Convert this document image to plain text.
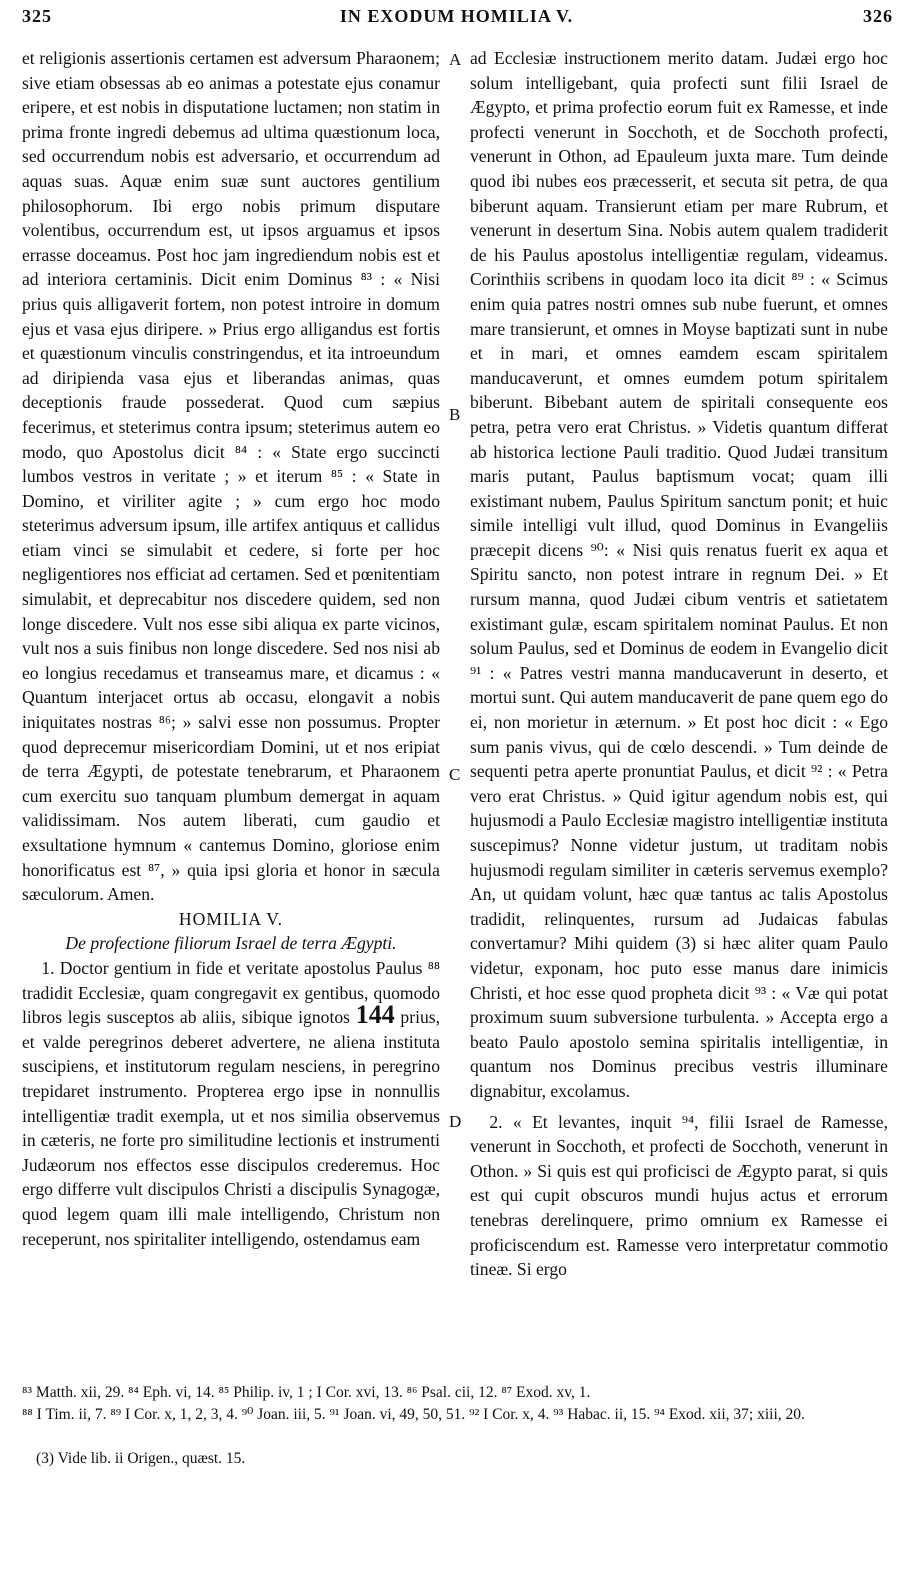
325	IN EXODUM HOMILIA V.	326

et religionis assertionis certamen est adversum Pharaonem; sive etiam obsessas ab eo animas a potestate ejus conamur eripere, et est nobis in disputatione luctamen; non statim in prima fronte ingredi debemus ad ultima quæstionum loca, sed occurrendum nobis est adversario, et occurrendum ad aquas suas. Aquæ enim suæ sunt auctores gentilium philosophorum. Ibi ergo nobis primum disputare volentibus, occurrendum est, ut ipsos arguamus et ipsos errasse doceamus. Post hoc jam ingrediendum nobis est et ad interiora certaminis. Dicit enim Dominus ⁸³ : « Nisi prius quis alligaverit fortem, non potest introire in domum ejus et vasa ejus diripere. » Prius ergo alligandus est fortis et quæstionum vinculis constringendus, et ita introeundum ad diripienda vasa ejus et liberandas animas, quas deceptionis fraude possederat. Quod cum sæpius fecerimus, et steterimus contra ipsum; steterimus autem eo modo, quo Apostolus dicit ⁸⁴ : « State ergo succincti lumbos vestros in veritate ; » et iterum ⁸⁵ : « State in Domino, et viriliter agite ; » cum ergo hoc modo steterimus adversum ipsum, ille artifex antiquus et callidus etiam vinci se simulabit et cedere, si forte per hoc negligentiores nos efficiat ad certamen. Sed et pœnitentiam simulabit, et deprecabitur nos discedere quidem, sed non longe discedere. Vult nos esse sibi aliqua ex parte vicinos, vult nos a suis finibus non longe discedere. Sed nos nisi ab eo longius recedamus et transeamus mare, et dicamus : « Quantum interjacet ortus ab occasu, elongavit a nobis iniquitates nostras ⁸⁶; » salvi esse non possumus. Propter quod deprecemur misericordiam Domini, ut et nos eripiat de terra Ægypti, de potestate tenebrarum, et Pharaonem cum exercitu suo tanquam plumbum demergat in aquam validissimam. Nos autem liberati, cum gaudio et exsultatione hymnum « cantemus Domino, gloriose enim honorificatus est ⁸⁷, » quia ipsi gloria et honor in sæcula sæculorum. Amen.

HOMILIA V.

De profectione filiorum Israel de terra Ægypti.

1. Doctor gentium in fide et veritate apostolus Paulus ⁸⁸ tradidit Ecclesiæ, quam congregavit ex gentibus, quomodo libros legis susceptos ab aliis, sibique ignotos 144 prius, et valde peregrinos deberet advertere, ne aliena instituta suscipiens, et institutorum regulam nesciens, in peregrino trepidaret instrumento. Propterea ergo ipse in nonnullis intelligentiæ tradit exempla, ut et nos similia observemus in cæteris, ne forte pro similitudine lectionis et instrumenti Judæorum nos effectos esse discipulos crederemus. Hoc ergo differre vult discipulos Christi a discipulis Synagogæ, quod legem quam illi male intelligendo, Christum non receperunt, nos spiritaliter intelligendo, ostendamus eam

A
B
C
D

ad Ecclesiæ instructionem merito datam. Judæi ergo hoc solum intelligebant, quia profecti sunt filii Israel de Ægypto, et prima profectio eorum fuit ex Ramesse, et inde profecti venerunt in Socchoth, et de Socchoth profecti, venerunt in Othon, ad Epauleum juxta mare. Tum deinde quod ibi nubes eos præcesserit, et secuta sit petra, de qua biberunt aquam. Transierunt etiam per mare Rubrum, et venerunt in desertum Sina. Nobis autem qualem tradiderit de his Paulus apostolus intelligentiæ regulam, videamus. Corinthiis scribens in quodam loco ita dicit ⁸⁹ : « Scimus enim quia patres nostri omnes sub nube fuerunt, et omnes mare transierunt, et omnes in Moyse baptizati sunt in nube et in mari, et omnes eamdem escam spiritalem manducaverunt, et omnes eumdem potum spiritalem biberunt. Bibebant autem de spiritali consequente eos petra, petra vero erat Christus. » Videtis quantum differat ab historica lectione Pauli traditio. Quod Judæi transitum maris putant, Paulus baptismum vocat; quam illi existimant nubem, Paulus Spiritum sanctum ponit; et huic simile intelligi vult illud, quod Dominus in Evangeliis præcepit dicens ⁹⁰: « Nisi quis renatus fuerit ex aqua et Spiritu sancto, non potest intrare in regnum Dei. » Et rursum manna, quod Judæi cibum ventris et satietatem existimant gulæ, escam spiritalem nominat Paulus. Et non solum Paulus, sed et Dominus de eodem in Evangelio dicit ⁹¹ : « Patres vestri manna manducaverunt in deserto, et mortui sunt. Qui autem manducaverit de pane quem ego do ei, non morietur in æternum. » Et post hoc dicit : « Ego sum panis vivus, qui de cœlo descendi. » Tum deinde de sequenti petra aperte pronuntiat Paulus, et dicit ⁹² : « Petra vero erat Christus. » Quid igitur agendum nobis est, qui hujusmodi a Paulo Ecclesiæ magistro intelligentiæ instituta suscepimus? Nonne videtur justum, ut traditam nobis hujusmodi regulam similiter in cæteris servemus exemplo? An, ut quidam volunt, hæc quæ tantus ac talis Apostolus tradidit, relinquentes, rursum ad Judaicas fabulas convertamur? Mihi quidem (3) si hæc aliter quam Paulo videtur, exponam, hoc puto esse manus dare inimicis Christi, et hoc esse quod propheta dicit ⁹³ : « Væ qui potat proximum suum subversione turbulenta. » Accepta ergo a beato Paulo apostolo semina spiritalis intelligentiæ, in quantum nos Dominus precibus vestris illuminare dignabitur, excolamus.

2. « Et levantes, inquit ⁹⁴, filii Israel de Ramesse, venerunt in Socchoth, et profecti de Socchoth, venerunt in Othon. » Si quis est qui proficisci de Ægypto parat, si quis est qui cupit obscuros mundi hujus actus et errorum tenebras derelinquere, primo omnium ex Ramesse ei proficiscendum est. Ramesse vero interpretatur commotio tineæ. Si ergo

⁸³ Matth. xii, 29. ⁸⁴ Eph. vi, 14. ⁸⁵ Philip. iv, 1 ; I Cor. xvi, 13. ⁸⁶ Psal. cii, 12. ⁸⁷ Exod. xv, 1.
⁸⁸ I Tim. ii, 7. ⁸⁹ I Cor. x, 1, 2, 3, 4. ⁹⁰ Joan. iii, 5. ⁹¹ Joan. vi, 49, 50, 51. ⁹² I Cor. x, 4. ⁹³ Habac. ii, 15. ⁹⁴ Exod. xii, 37; xiii, 20.
(3) Vide lib. ii Origen., quæst. 15.
